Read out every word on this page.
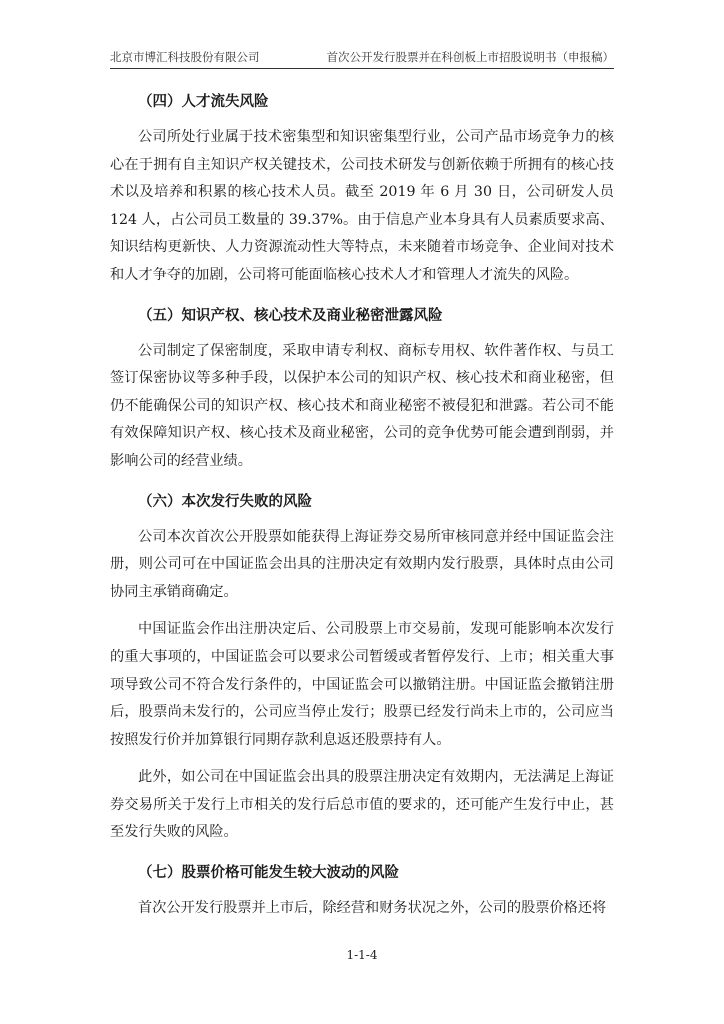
北京市博汇科技股份有限公司	首次公开发行股票并在科创板上市招股说明书（申报稿）
（四）人才流失风险

公司所处行业属于技术密集型和知识密集型行业，公司产品市场竞争力的核心在于拥有自主知识产权关键技术，公司技术研发与创新依赖于所拥有的核心技术以及培养和积累的核心技术人员。截至 2019 年 6 月 30 日，公司研发人员 124 人，占公司员工数量的 39.37%。由于信息产业本身具有人员素质要求高、知识结构更新快、人力资源流动性大等特点，未来随着市场竞争、企业间对技术和人才争夺的加剧，公司将可能面临核心技术人才和管理人才流失的风险。

（五）知识产权、核心技术及商业秘密泄露风险

公司制定了保密制度，采取申请专利权、商标专用权、软件著作权、与员工签订保密协议等多种手段，以保护本公司的知识产权、核心技术和商业秘密，但仍不能确保公司的知识产权、核心技术和商业秘密不被侵犯和泄露。若公司不能有效保障知识产权、核心技术及商业秘密，公司的竞争优势可能会遭到削弱，并影响公司的经营业绩。

（六）本次发行失败的风险

公司本次首次公开股票如能获得上海证券交易所审核同意并经中国证监会注册，则公司可在中国证监会出具的注册决定有效期内发行股票，具体时点由公司协同主承销商确定。

中国证监会作出注册决定后、公司股票上市交易前，发现可能影响本次发行的重大事项的，中国证监会可以要求公司暂缓或者暂停发行、上市；相关重大事项导致公司不符合发行条件的，中国证监会可以撤销注册。中国证监会撤销注册后，股票尚未发行的，公司应当停止发行；股票已经发行尚未上市的，公司应当按照发行价并加算银行同期存款利息返还股票持有人。

此外，如公司在中国证监会出具的股票注册决定有效期内，无法满足上海证券交易所关于发行上市相关的发行后总市值的要求的，还可能产生发行中止，甚至发行失败的风险。

（七）股票价格可能发生较大波动的风险

首次公开发行股票并上市后，除经营和财务状况之外，公司的股票价格还将

1-1-4
